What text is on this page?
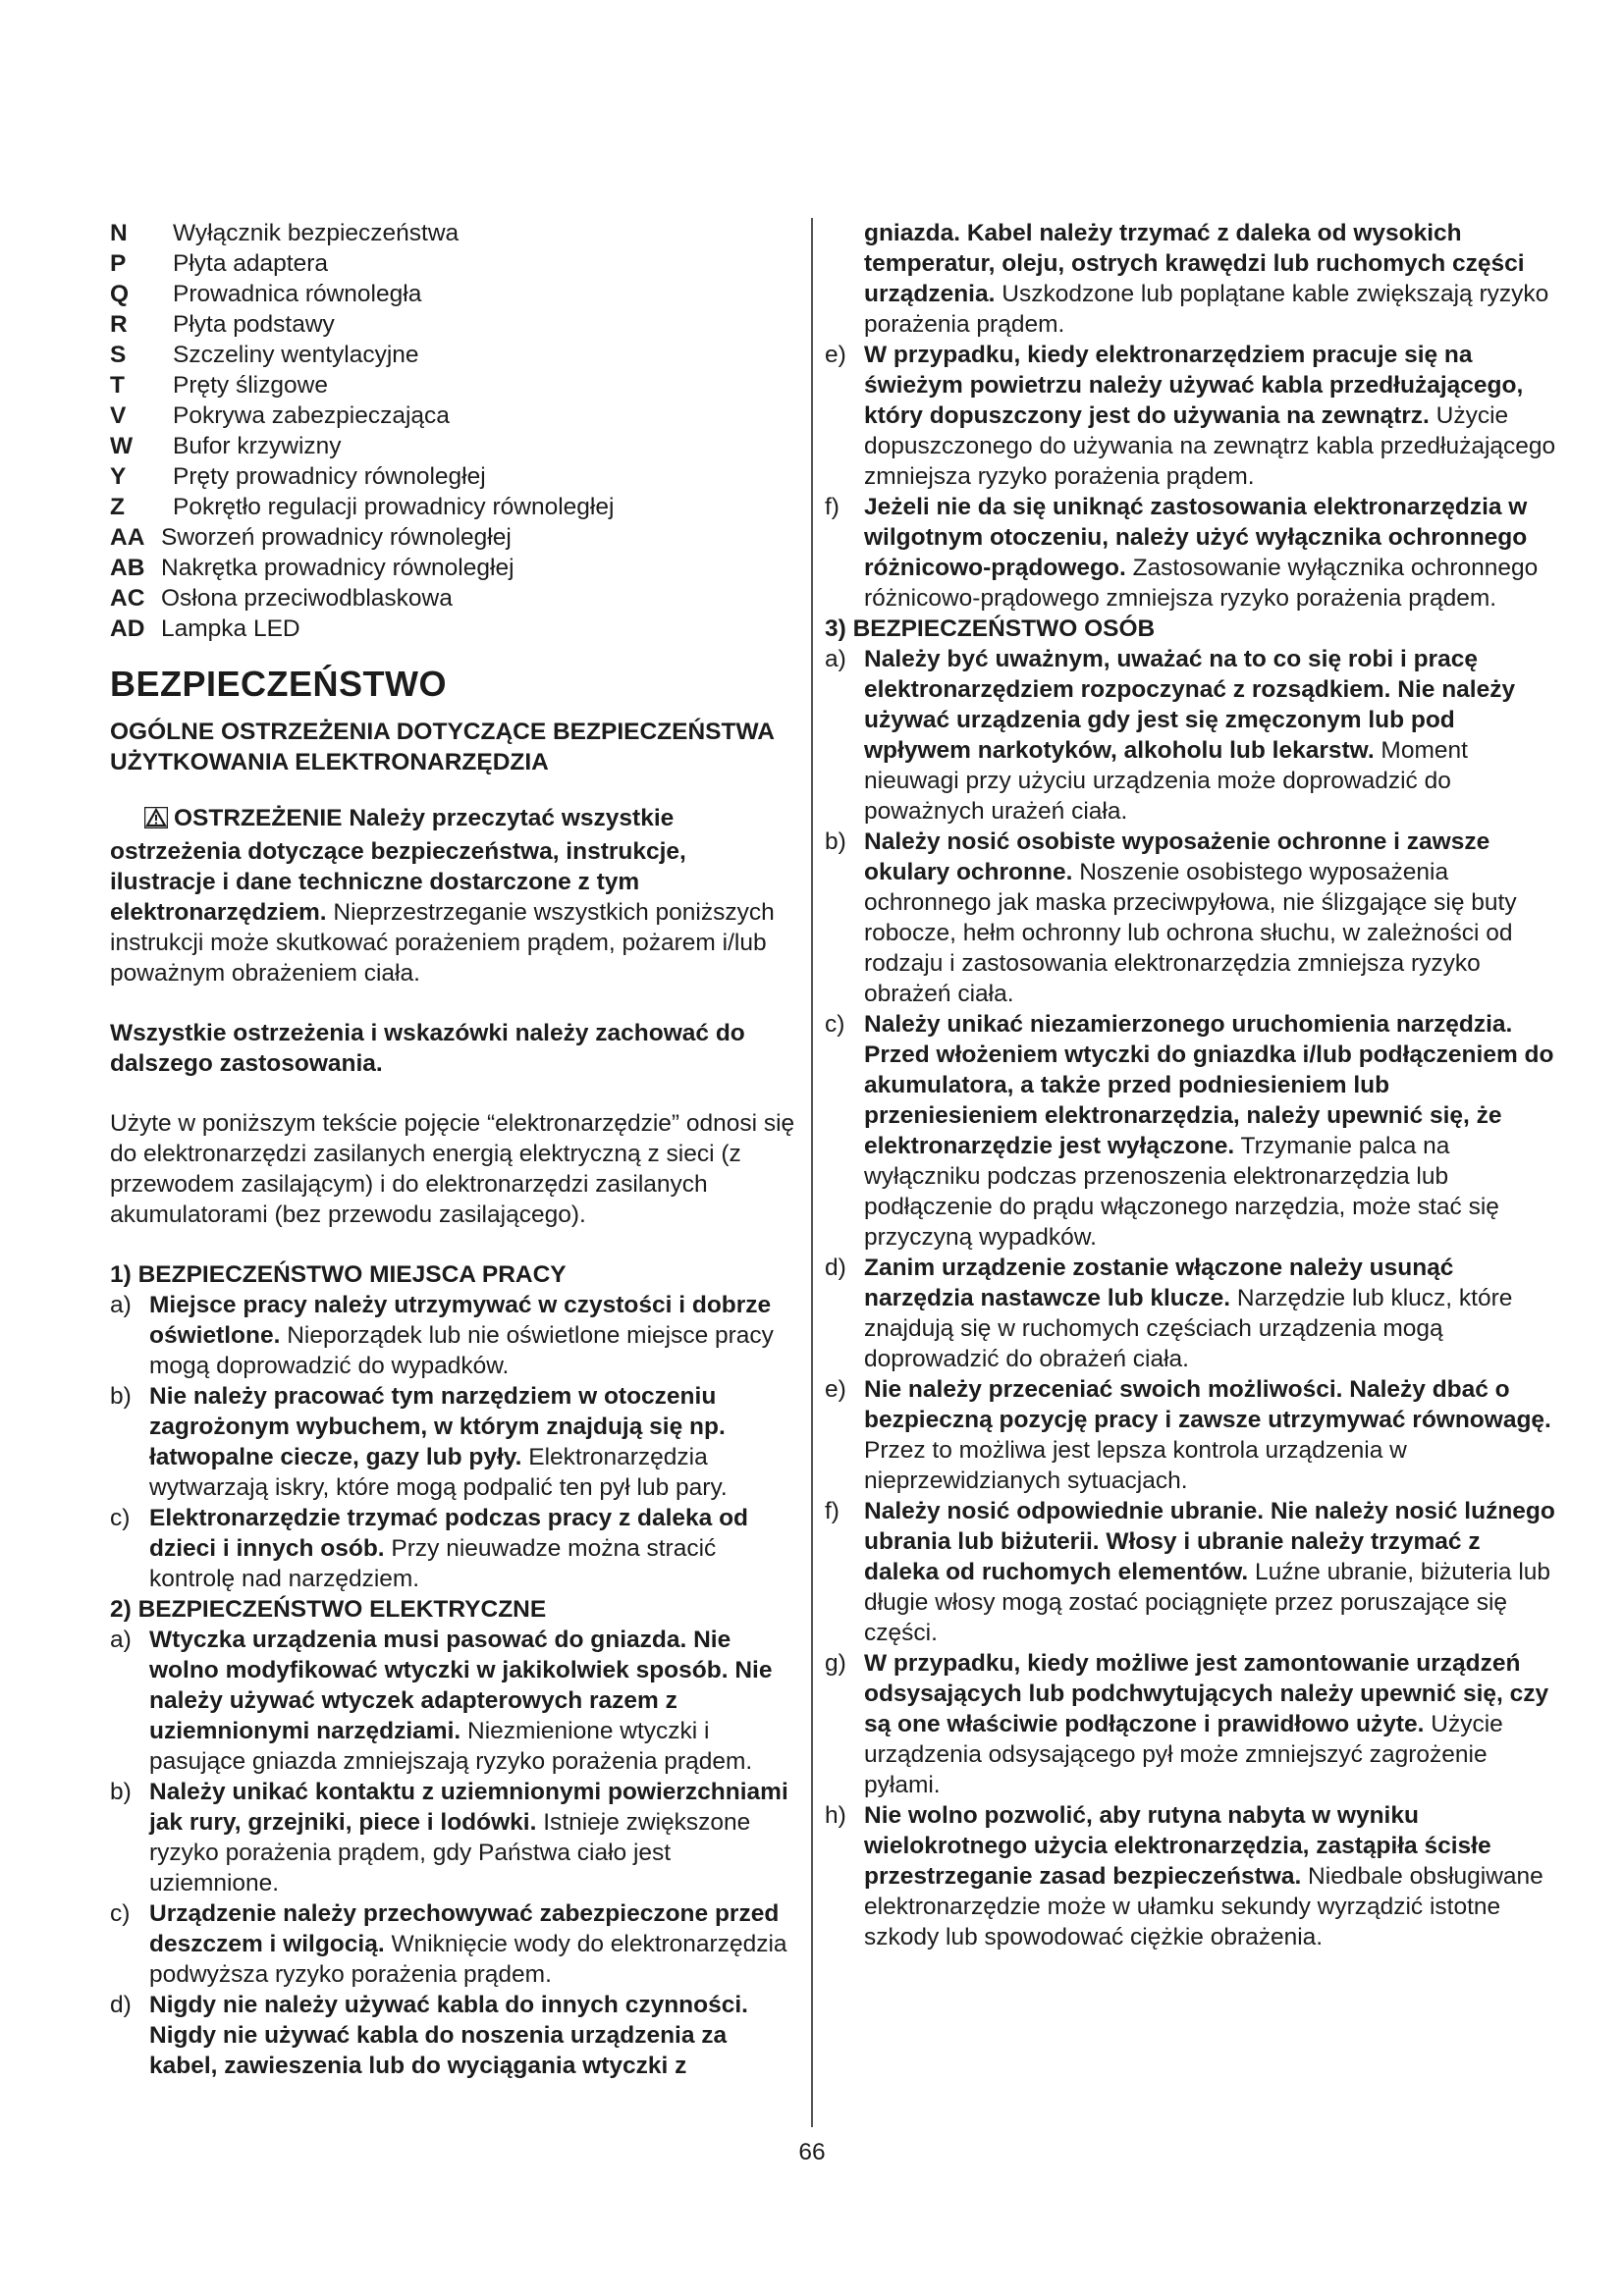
N	Wyłącznik bezpieczeństwa
P	Płyta adaptera
Q	Prowadnica równoległa
R	Płyta podstawy
S	Szczeliny wentylacyjne
T	Pręty ślizgowe
V	Pokrywa zabezpieczająca
W	Bufor krzywizny
Y	Pręty prowadnicy równoległej
Z	Pokrętło regulacji prowadnicy równoległej
AA Sworzeń prowadnicy równoległej
AB Nakrętka prowadnicy równoległej
AC Osłona przeciwodblaskowa
AD Lampka LED
BEZPIECZEŃSTWO
OGÓLNE OSTRZEŻENIA DOTYCZĄCE BEZPIECZEŃSTWA UŻYTKOWANIA ELEKTRONARZĘDZIA

OSTRZEŻENIE Należy przeczytać wszystkie ostrzeżenia dotyczące bezpieczeństwa, instrukcje, ilustracje i dane techniczne dostarczone z tym elektronarzędziem. Nieprzestrzeganie wszystkich poniższych instrukcji może skutkować porażeniem prądem, pożarem i/lub poważnym obrażeniem ciała.

Wszystkie ostrzeżenia i wskazówki należy zachować do dalszego zastosowania.

Użyte w poniższym tekście pojęcie “elektronarzędzie” odnosi się do elektronarzędzi zasilanych energią elektryczną z sieci (z przewodem zasilającym) i do elektronarzędzi zasilanych akumulatorami (bez przewodu zasilającego).

1) BEZPIECZEŃSTWO MIEJSCA PRACY

a) Miejsce pracy należy utrzymywać w czystości i dobrze oświetlone. Nieporządek lub nie oświetlone miejsce pracy mogą doprowadzić do wypadków.
b) Nie należy pracować tym narzędziem w otoczeniu zagrożonym wybuchem, w którym znajdują się np. łatwopalne ciecze, gazy lub pyły. Elektronarzędzia wytwarzają iskry, które mogą podpalić ten pył lub pary.
c) Elektronarzędzie trzymać podczas pracy z daleka od dzieci i innych osób. Przy nieuwadze można stracić kontrolę nad narzędziem.

2) BEZPIECZEŃSTWO ELEKTRYCZNE

a) Wtyczka urządzenia musi pasować do gniazda. Nie wolno modyfikować wtyczki w jakikolwiek sposób. Nie należy używać wtyczek adapterowych razem z uziemnionymi narzędziami. Niezmienione wtyczki i pasujące gniazda zmniejszają ryzyko porażenia prądem.
b) Należy unikać kontaktu z uziemnionymi powierzchniami jak rury, grzejniki, piece i lodówki. Istnieje zwiększone ryzyko porażenia prądem, gdy Państwa ciało jest uziemnione.
c) Urządzenie należy przechowywać zabezpieczone przed deszczem i wilgocią. Wniknięcie wody do elektronarzędzia podwyższa ryzyko porażenia prądem.
d) Nigdy nie należy używać kabla do innych czynności. Nigdy nie używać kabla do noszenia urządzenia za kabel, zawieszenia lub do wyciągania wtyczki z

gniazda. Kabel należy trzymać z daleka od wysokich temperatur, oleju, ostrych krawędzi lub ruchomych części urządzenia. Uszkodzone lub poplątane kable zwiększają ryzyko porażenia prądem.

e) W przypadku, kiedy elektronarzędziem pracuje się na świeżym powietrzu należy używać kabla przedłużającego, który dopuszczony jest do używania na zewnątrz. Użycie dopuszczonego do używania na zewnątrz kabla przedłużającego zmniejsza ryzyko porażenia prądem.
f)	Jeżeli nie da się uniknąć zastosowania elektronarzędzia w wilgotnym otoczeniu, należy użyć wyłącznika ochronnego różnicowo-prądowego. Zastosowanie wyłącznika ochronnego różnicowo-prądowego zmniejsza ryzyko porażenia prądem.

3) BEZPIECZEŃSTWO OSÓB

a) Należy być uważnym, uważać na to co się robi i pracę elektronarzędziem rozpoczynać z rozsądkiem. Nie należy używać urządzenia gdy jest się zmęczonym lub pod wpływem narkotyków, alkoholu lub lekarstw. Moment nieuwagi przy użyciu urządzenia może doprowadzić do poważnych urażeń ciała.
b) Należy nosić osobiste wyposażenie ochronne i zawsze okulary ochronne. Noszenie osobistego wyposażenia ochronnego jak maska przeciwpyłowa, nie ślizgające się buty robocze, hełm ochronny lub ochrona słuchu, w zależności od rodzaju i zastosowania elektronarzędzia zmniejsza ryzyko obrażeń ciała.
c) Należy unikać niezamierzonego uruchomienia narzędzia. Przed włożeniem wtyczki do gniazdka i/lub podłączeniem do akumulatora, a także przed podniesieniem lub przeniesieniem elektronarzędzia, należy upewnić się, że elektronarzędzie jest wyłączone. Trzymanie palca na wyłączniku podczas przenoszenia elektronarzędzia lub podłączenie do prądu włączonego narzędzia, może stać się przyczyną wypadków.
d) Zanim urządzenie zostanie włączone należy usunąć narzędzia nastawcze lub klucze. Narzędzie lub klucz, które znajdują się w ruchomych częściach urządzenia mogą doprowadzić do obrażeń ciała.
e) Nie należy przeceniać swoich możliwości. Należy dbać o bezpieczną pozycję pracy i zawsze utrzymywać równowagę. Przez to możliwa jest lepsza kontrola urządzenia w nieprzewidzianych sytuacjach.
f)	Należy nosić odpowiednie ubranie. Nie należy nosić luźnego ubrania lub biżuterii. Włosy i ubranie należy trzymać z daleka od ruchomych elementów. Luźne ubranie, biżuteria lub długie włosy mogą zostać pociągnięte przez poruszające się części.
g) W przypadku, kiedy możliwe jest zamontowanie urządzeń odsysających lub podchwytujących należy upewnić się, czy są one właściwie podłączone i prawidłowo użyte. Użycie urządzenia odsysającego pył może zmniejszyć zagrożenie pyłami.
h) Nie wolno pozwolić, aby rutyna nabyta w wyniku wielokrotnego użycia elektronarzędzia, zastąpiła ścisłe przestrzeganie zasad bezpieczeństwa. Niedbale obsługiwane elektronarzędzie może w ułamku sekundy wyrządzić istotne szkody lub spowodować ciężkie obrażenia.
66
